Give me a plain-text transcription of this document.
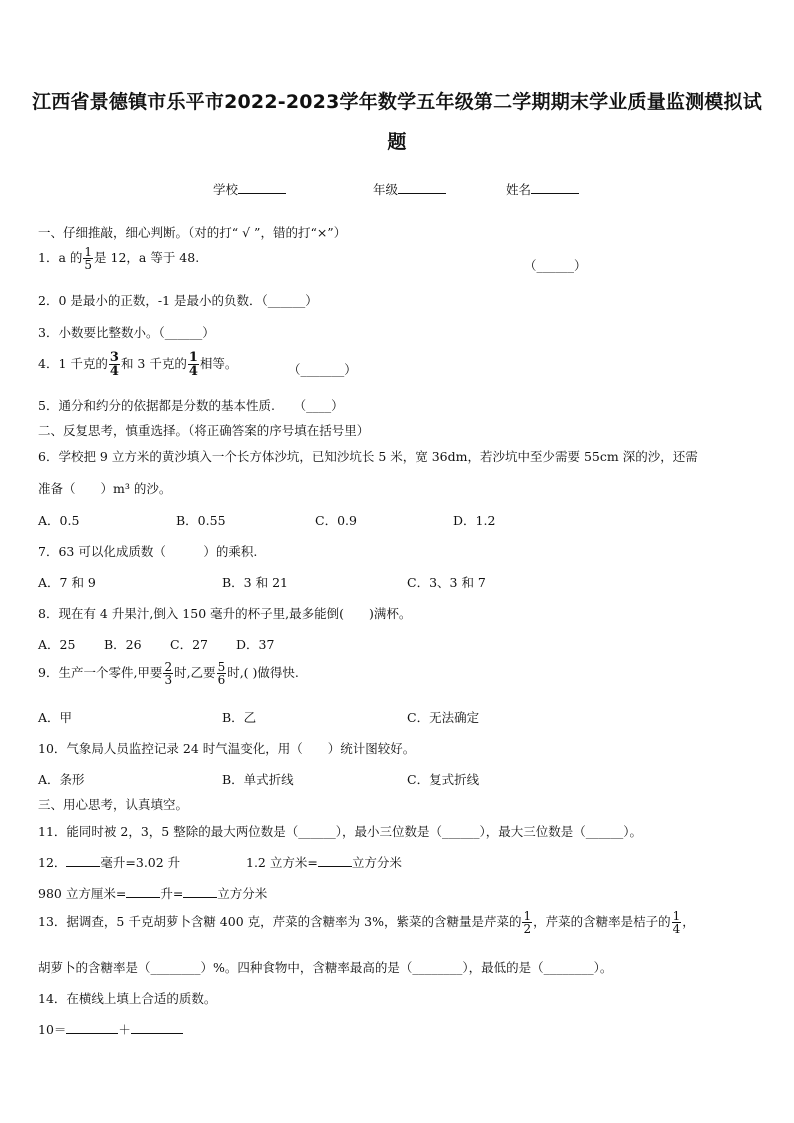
江西省景德镇市乐平市2022-2023学年数学五年级第二学期期末学业质量监测模拟试
题
学校	年级	姓名
一、仔细推敲，细心判断。（对的打“ √ ”，错的打“×”）
1．a 的 $\frac{1}{5}$ 是 12，a 等于 48.
（______）
2．0 是最小的正数，-1 是最小的负数．（______）
3．小数要比整数小。（______）
4．1 千克的 $\frac{3}{4}$ 和 3 千克的 $\frac{1}{4}$ 相等。	（_______）
5．通分和约分的依据都是分数的基本性质.　　（____）
二、反复思考，慎重选择。（将正确答案的序号填在括号里）
6．学校把 9 立方米的黄沙填入一个长方体沙坑，已知沙坑长 5 米，宽 36dm，若沙坑中至少需要 55cm 深的沙，还需
准备（　　）m³ 的沙。
A．0.5	B．0.55	C．0.9	D．1.2
7．63 可以化成质数（　　　）的乘积.
A．7 和 9	B．3 和 21	C．3、3 和 7
8．现在有 4 升果汁,倒入 150 毫升的杯子里,最多能倒(　　)满杯。
A．25 B．26 C．27 D．37
9．生产一个零件,甲要 $\frac{2}{3}$ 时,乙要 $\frac{5}{6}$ 时,( )做得快.
A．甲	B．乙	C．无法确定
10．气象局人员监控记录 24 时气温变化，用（　　）统计图较好。
A．条形	B．单式折线	C．复式折线
三、用心思考，认真填空。
11．能同时被 2，3，5 整除的最大两位数是（______），最小三位数是（______），最大三位数是（______）。
12．	毫升=3.02 升	1.2 立方米=	立方分米
980 立方厘米=	升=	立方分米
13．据调查，5 千克胡萝卜含糖 400 克，芹菜的含糖率为 3%，紫菜的含糖量是芹菜的 $\frac{1}{2}$ ，芹菜的含糖率是桔子的 $\frac{1}{4}$ ，
胡萝卜的含糖率是（________）%。四种食物中，含糖率最高的是（________），最低的是（________）。
14．在横线上填上合适的质数。
10＝	＋
